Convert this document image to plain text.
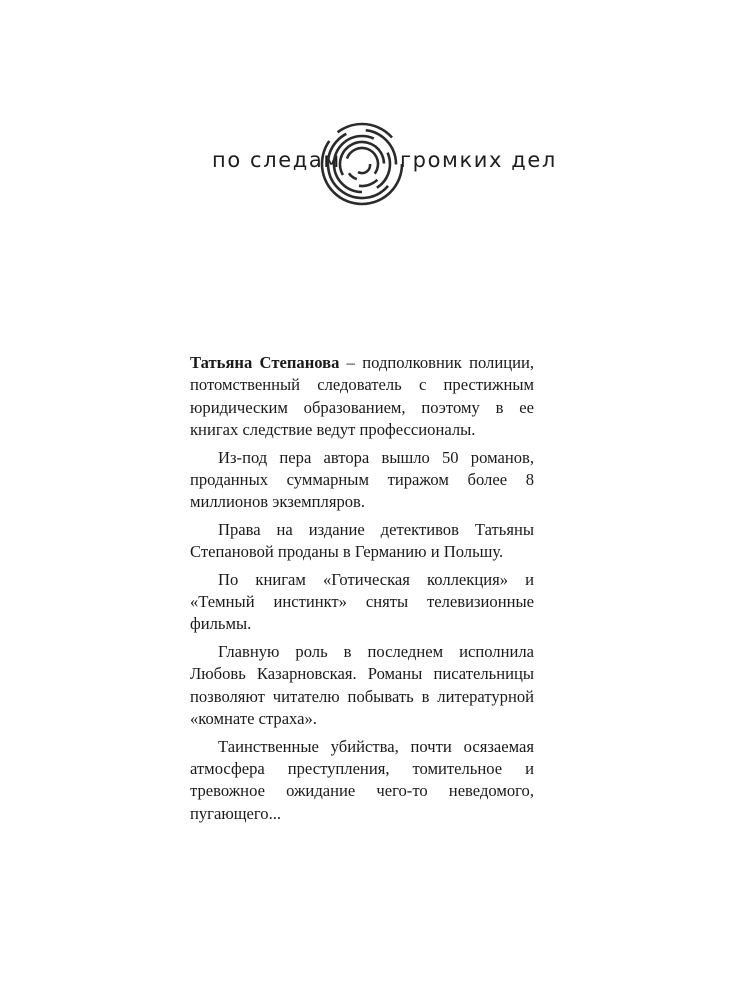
по следам	громких дел

Татьяна Степанова – подполковник полиции, потомственный следователь с престижным юридическим образованием, поэтому в ее книгах следствие ведут профессионалы.

Из-под пера автора вышло 50 романов, проданных суммарным тиражом более 8 миллионов экземпляров.

Права на издание детективов Татьяны Степановой проданы в Германию и Польшу.

По книгам «Готическая коллекция» и «Темный инстинкт» сняты телевизионные фильмы.

Главную роль в последнем исполнила Любовь Казарновская. Романы писательницы позволяют читателю побывать в литературной «комнате страха».

Таинственные убийства, почти осязаемая атмосфера преступления, томительное и тревожное ожидание чего-то неведомого, пугающего...
